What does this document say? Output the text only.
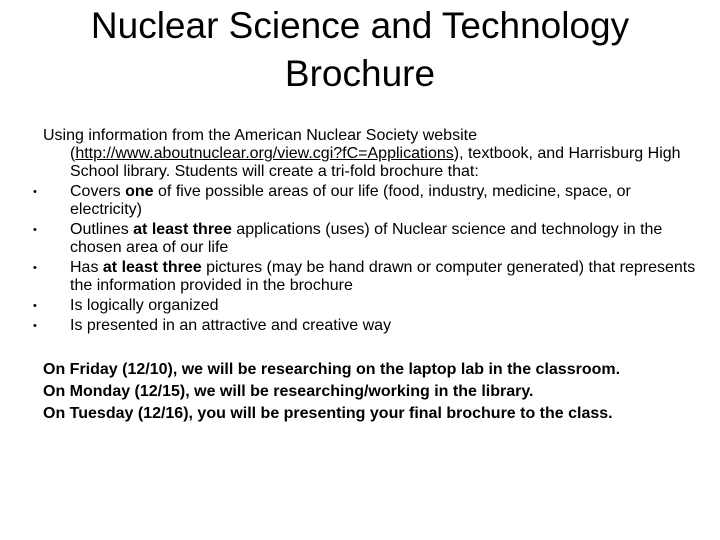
Nuclear Science and Technology
Brochure

Using information from the American Nuclear Society website (http://www.aboutnuclear.org/view.cgi?fC=Applications), textbook, and Harrisburg High School library. Students will create a tri-fold brochure that:

• Covers one of five possible areas of our life (food, industry, medicine, space, or electricity)
• Outlines at least three applications (uses) of Nuclear science and technology in the chosen area of our life
• Has at least three pictures (may be hand drawn or computer generated) that represents the information provided in the brochure
• Is logically organized
• Is presented in an attractive and creative way

On Friday (12/10), we will be researching on the laptop lab in the classroom.

On Monday (12/15), we will be researching/working in the library.

On Tuesday (12/16), you will be presenting your final brochure to the class.
